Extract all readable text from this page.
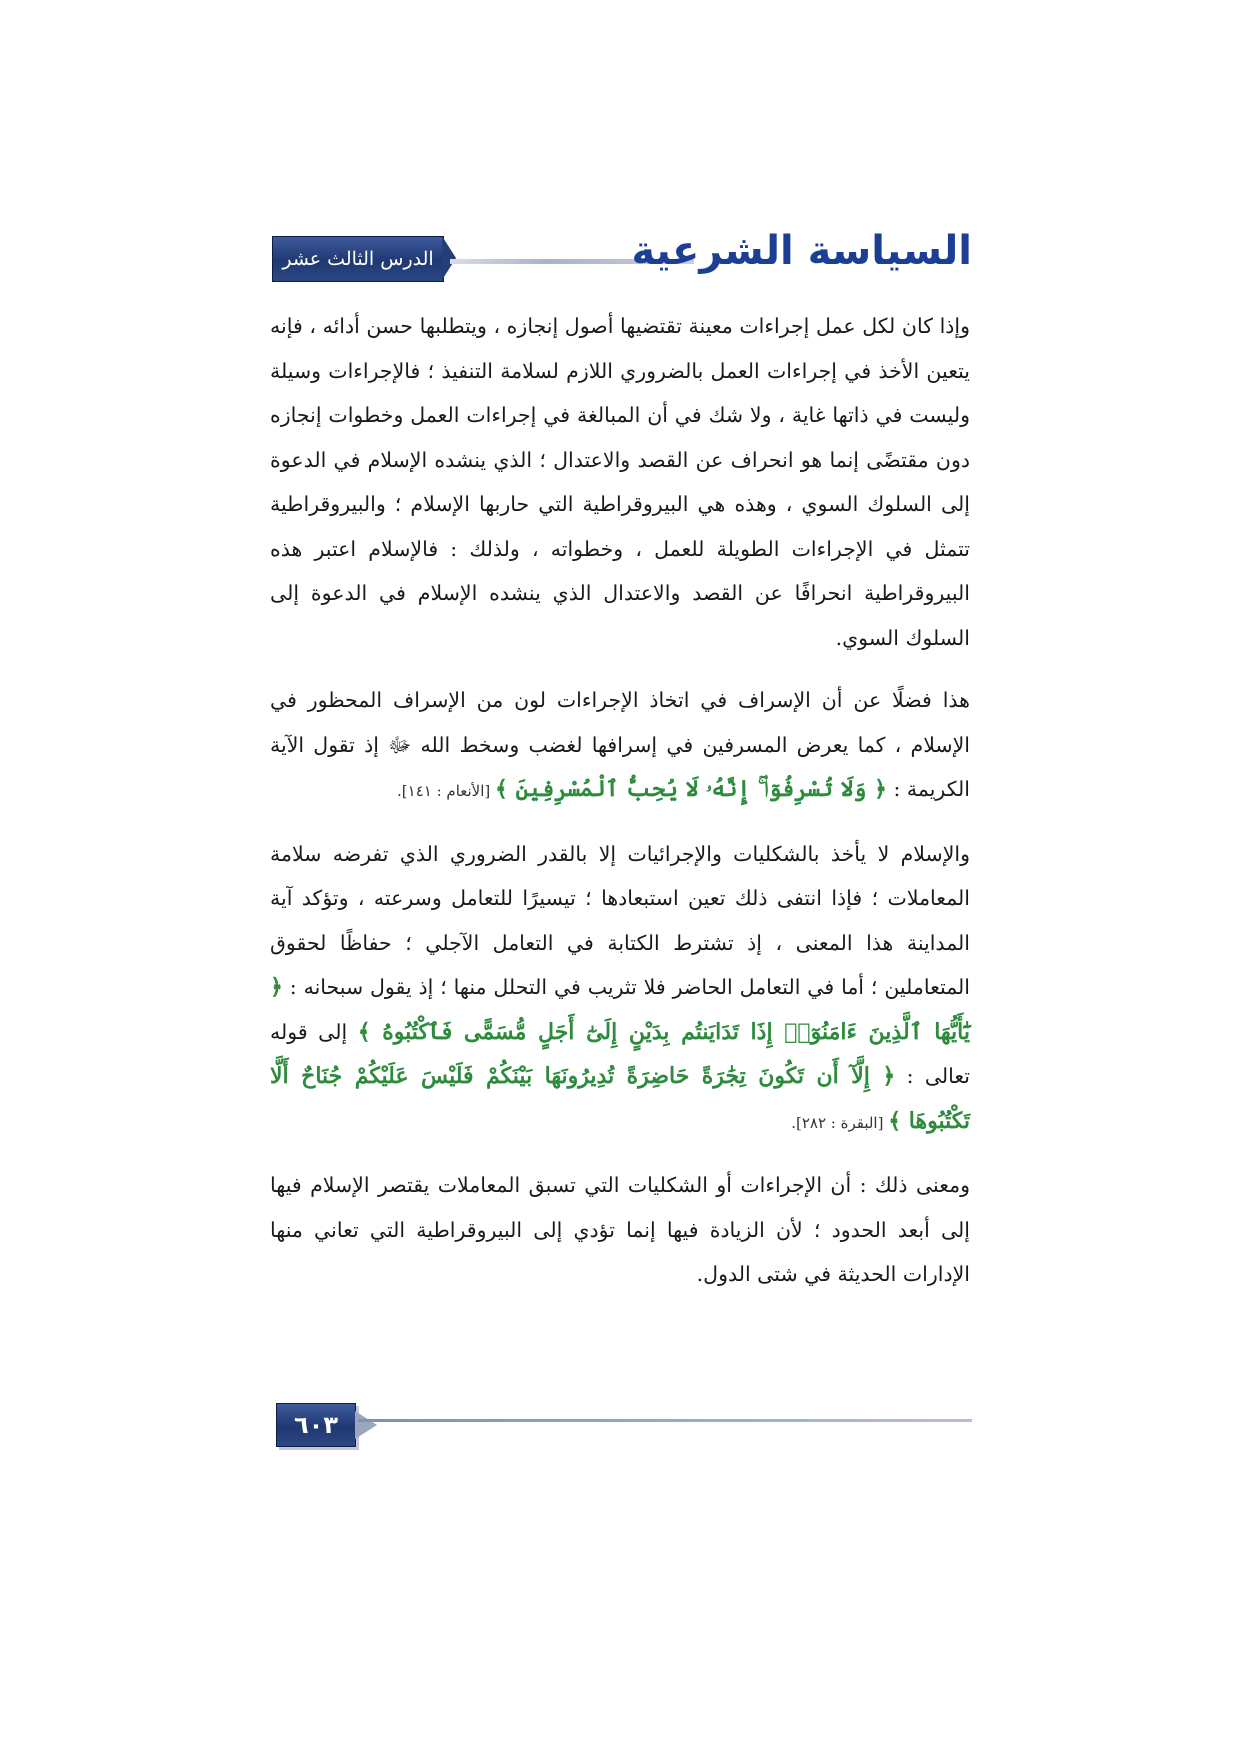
الدرس الثالث عشر	السياسة الشرعية

وإذا كان لكل عمل إجراءات معينة تقتضيها أصول إنجازه ، ويتطلبها حسن أدائه ، فإنه يتعين الأخذ في إجراءات العمل بالضروري اللازم لسلامة التنفيذ ؛ فالإجراءات وسيلة وليست في ذاتها غاية ، ولا شك في أن المبالغة في إجراءات العمل وخطوات إنجازه دون مقتضًى إنما هو انحراف عن القصد والاعتدال ؛ الذي ينشده الإسلام في الدعوة إلى السلوك السوي ، وهذه هي البيروقراطية التي حاربها الإسلام ؛ والبيروقراطية تتمثل في الإجراءات الطويلة للعمل ، وخطواته ، ولذلك : فالإسلام اعتبر هذه البيروقراطية انحرافًا عن القصد والاعتدال الذي ينشده الإسلام في الدعوة إلى السلوك السوي.

هذا فضلًا عن أن الإسراف في اتخاذ الإجراءات لون من الإسراف المحظور في الإسلام ، كما يعرض المسرفين في إسرافها لغضب وسخط الله ﷻ إذ تقول الآية الكريمة : ﴿ وَلَا تُسْرِفُوٓا۟ ۚ إِنَّهُۥ لَا يُحِبُّ ٱلْمُسْرِفِينَ ﴾ [الأنعام : ١٤١].

والإسلام لا يأخذ بالشكليات والإجرائيات إلا بالقدر الضروري الذي تفرضه سلامة المعاملات ؛ فإذا انتفى ذلك تعين استبعادها ؛ تيسيرًا للتعامل وسرعته ، وتؤكد آية المداينة هذا المعنى ، إذ تشترط الكتابة في التعامل الآجلي ؛ حفاظًا لحقوق المتعاملين ؛ أما في التعامل الحاضر فلا تثريب في التحلل منها ؛ إذ يقول سبحانه : ﴿ يَٰٓأَيُّهَا ٱلَّذِينَ ءَامَنُوٓا۟ إِذَا تَدَايَنتُم بِدَيْنٍ إِلَىٰٓ أَجَلٍ مُّسَمًّى فَٱكْتُبُوهُ ﴾ إلى قوله تعالى : ﴿ إِلَّآ أَن تَكُونَ تِجَٰرَةً حَاضِرَةً تُدِيرُونَهَا بَيْنَكُمْ فَلَيْسَ عَلَيْكُمْ جُنَاحٌ أَلَّا تَكْتُبُوهَا ﴾ [البقرة : ٢٨٢].

ومعنى ذلك : أن الإجراءات أو الشكليات التي تسبق المعاملات يقتصر الإسلام فيها إلى أبعد الحدود ؛ لأن الزيادة فيها إنما تؤدي إلى البيروقراطية التي تعاني منها الإدارات الحديثة في شتى الدول.

٦٠٣
